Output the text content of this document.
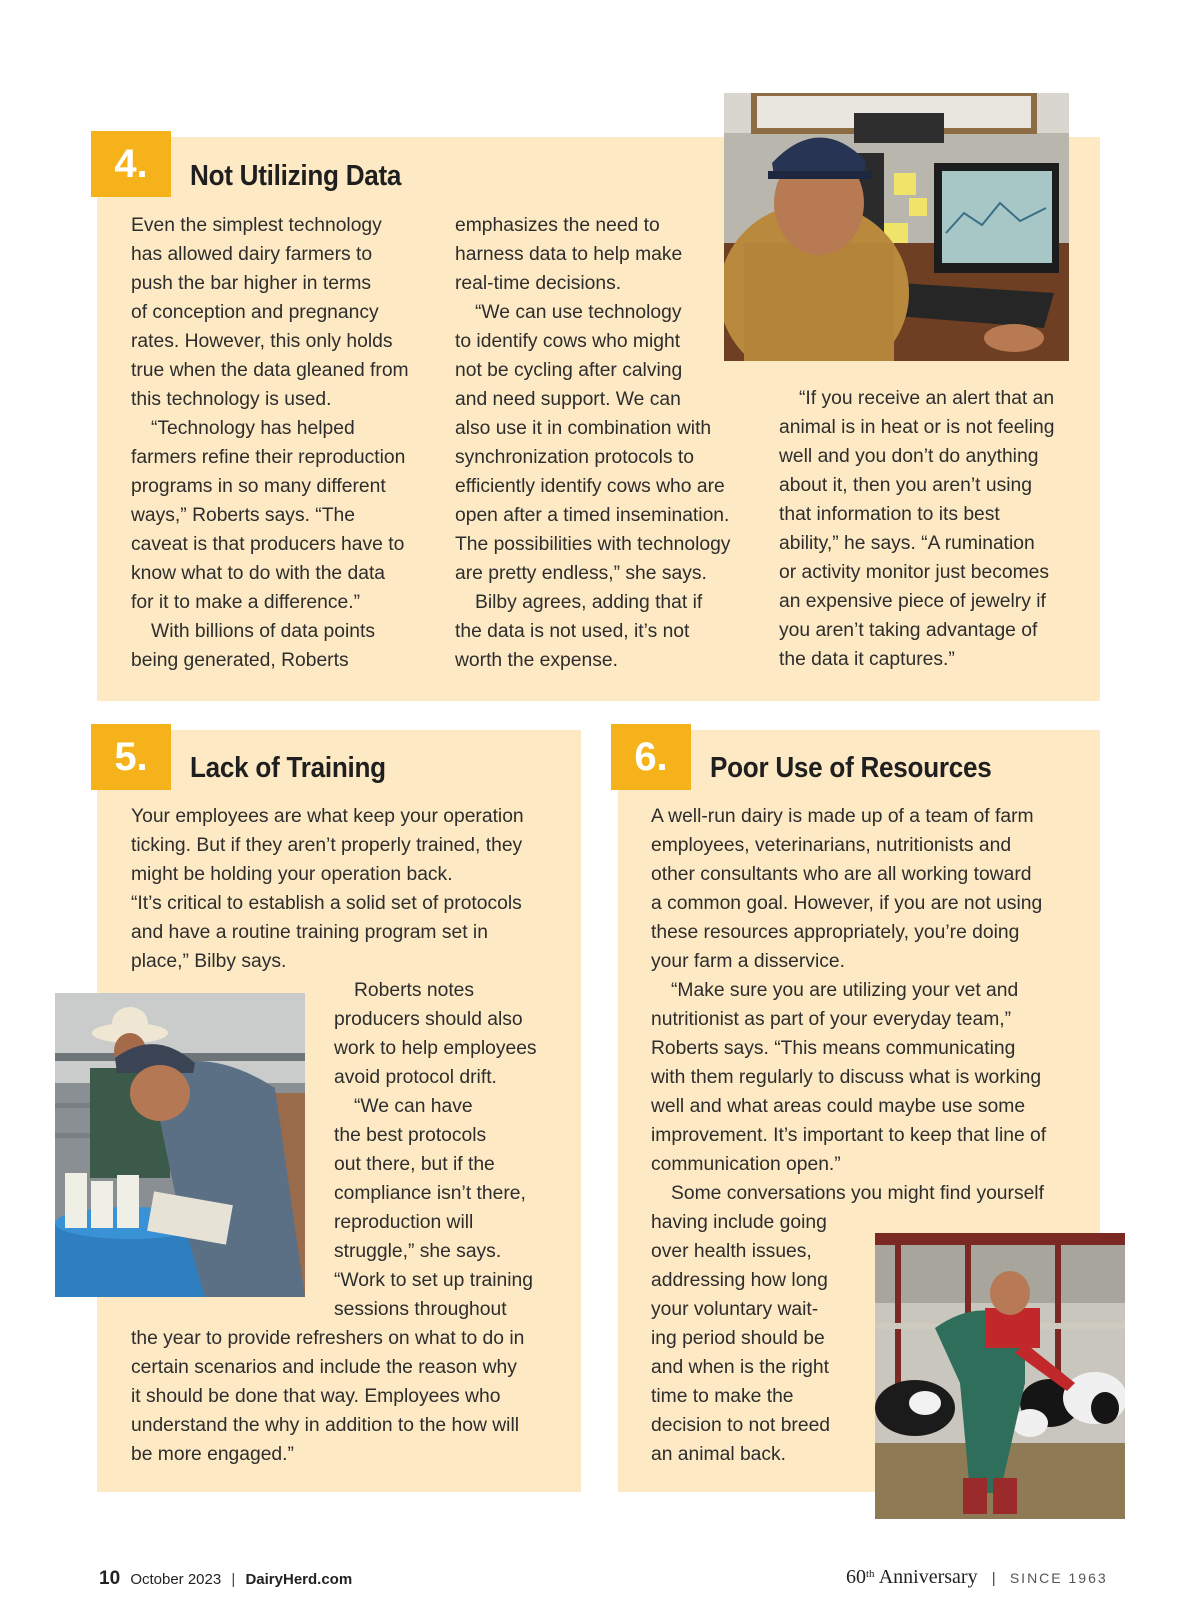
4.	Not Utilizing Data
Even the simplest technology
has allowed dairy farmers to
push the bar higher in terms
of conception and pregnancy
rates. However, this only holds
true when the data gleaned from
this technology is used.
“Technology has helped
farmers refine their reproduction
programs in so many different
ways,” Roberts says. “The
caveat is that producers have to
know what to do with the data
for it to make a difference.”
With billions of data points
being generated, Roberts
emphasizes the need to
harness data to help make
real-time decisions.
“We can use technology
to identify cows who might
not be cycling after calving
and need support. We can
also use it in combination with
synchronization protocols to
efficiently identify cows who are
open after a timed insemination.
The possibilities with technology
are pretty endless,” she says.
Bilby agrees, adding that if
the data is not used, it’s not
worth the expense.
“If you receive an alert that an
animal is in heat or is not feeling
well and you don’t do anything
about it, then you aren’t using
that information to its best
ability,” he says. “A rumination
or activity monitor just becomes
an expensive piece of jewelry if
you aren’t taking advantage of
the data it captures.”
5.	Lack of Training
Your employees are what keep your operation
ticking. But if they aren’t properly trained, they
might be holding your operation back.
“It’s critical to establish a solid set of protocols
and have a routine training program set in
place,” Bilby says.
Roberts notes
producers should also
work to help employees
avoid protocol drift.
“We can have
the best protocols
out there, but if the
compliance isn’t there,
reproduction will
struggle,” she says.
“Work to set up training
sessions throughout
the year to provide refreshers on what to do in
certain scenarios and include the reason why
it should be done that way. Employees who
understand the why in addition to the how will
be more engaged.”
6.	Poor Use of Resources
A well-run dairy is made up of a team of farm
employees, veterinarians, nutritionists and
other consultants who are all working toward
a common goal. However, if you are not using
these resources appropriately, you’re doing
your farm a disservice.
“Make sure you are utilizing your vet and
nutritionist as part of your everyday team,”
Roberts says. “This means communicating
with them regularly to discuss what is working
well and what areas could maybe use some
improvement. It’s important to keep that line of
communication open.”
Some conversations you might find yourself
having include going
over health issues,
addressing how long
your voluntary wait-
ing period should be
and when is the right
time to make the
decision to not breed
an animal back.
10 October 2023 | DairyHerd.com	60th Anniversary | SINCE 1963
